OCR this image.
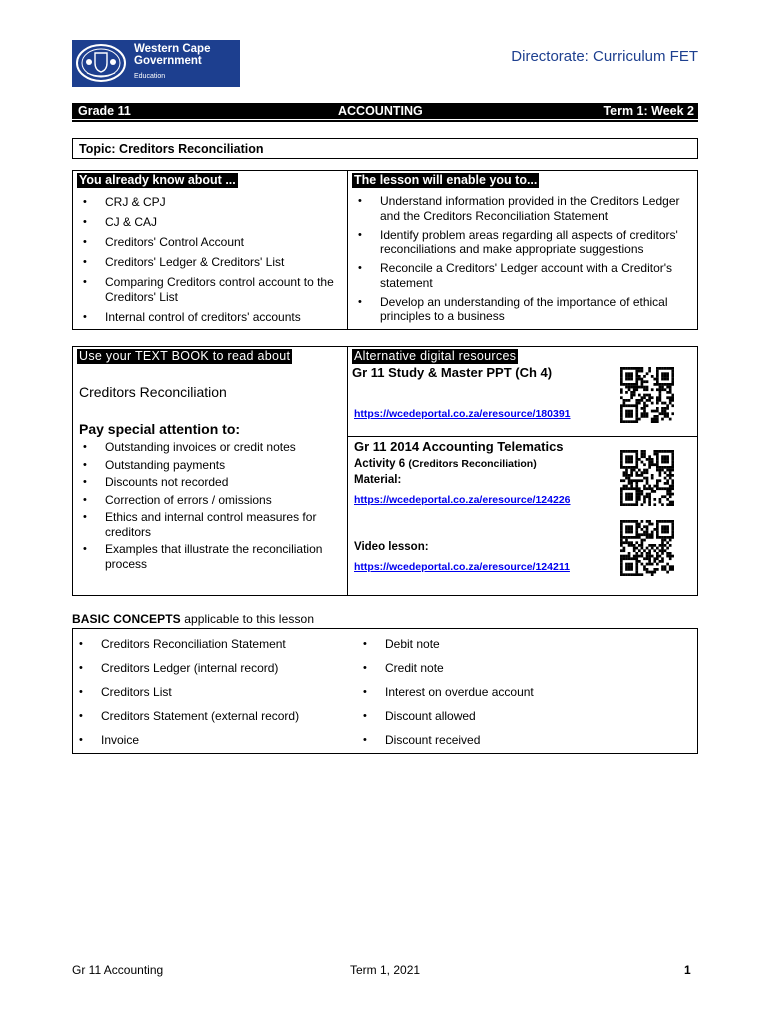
Western Cape
Government
Education
Directorate: Curriculum FET
Grade 11	ACCOUNTING	Term 1: Week 2
Topic: Creditors Reconciliation
You already know about ...
• CRJ & CPJ
• CJ & CAJ
• Creditors' Control Account
• Creditors' Ledger & Creditors' List
• Comparing Creditors control account to the Creditors' List
• Internal control of creditors' accounts
The lesson will enable you to...
• Understand information provided in the Creditors Ledger and the Creditors Reconciliation Statement
• Identify problem areas regarding all aspects of creditors' reconciliations and make appropriate suggestions
• Reconcile a Creditors' Ledger account with a Creditor's statement
• Develop an understanding of the importance of ethical principles to a business
Use your TEXT BOOK to read about
Creditors Reconciliation
Pay special attention to:
• Outstanding invoices or credit notes
• Outstanding payments
• Discounts not recorded
• Correction of errors / omissions
• Ethics and internal control measures for creditors
• Examples that illustrate the reconciliation process
Alternative digital resources
Gr 11 Study & Master PPT (Ch 4)
https://wcedeportal.co.za/eresource/180391
Gr 11 2014 Accounting Telematics
Activity 6 (Creditors Reconciliation)
Material:
https://wcedeportal.co.za/eresource/124226
Video lesson:
https://wcedeportal.co.za/eresource/124211
BASIC CONCEPTS applicable to this lesson
• Creditors Reconciliation Statement
• Creditors Ledger (internal record)
• Creditors List
• Creditors Statement (external record)
• Invoice
• Debit note
• Credit note
• Interest on overdue account
• Discount allowed
• Discount received
Gr 11 Accounting	Term 1, 2021	1
